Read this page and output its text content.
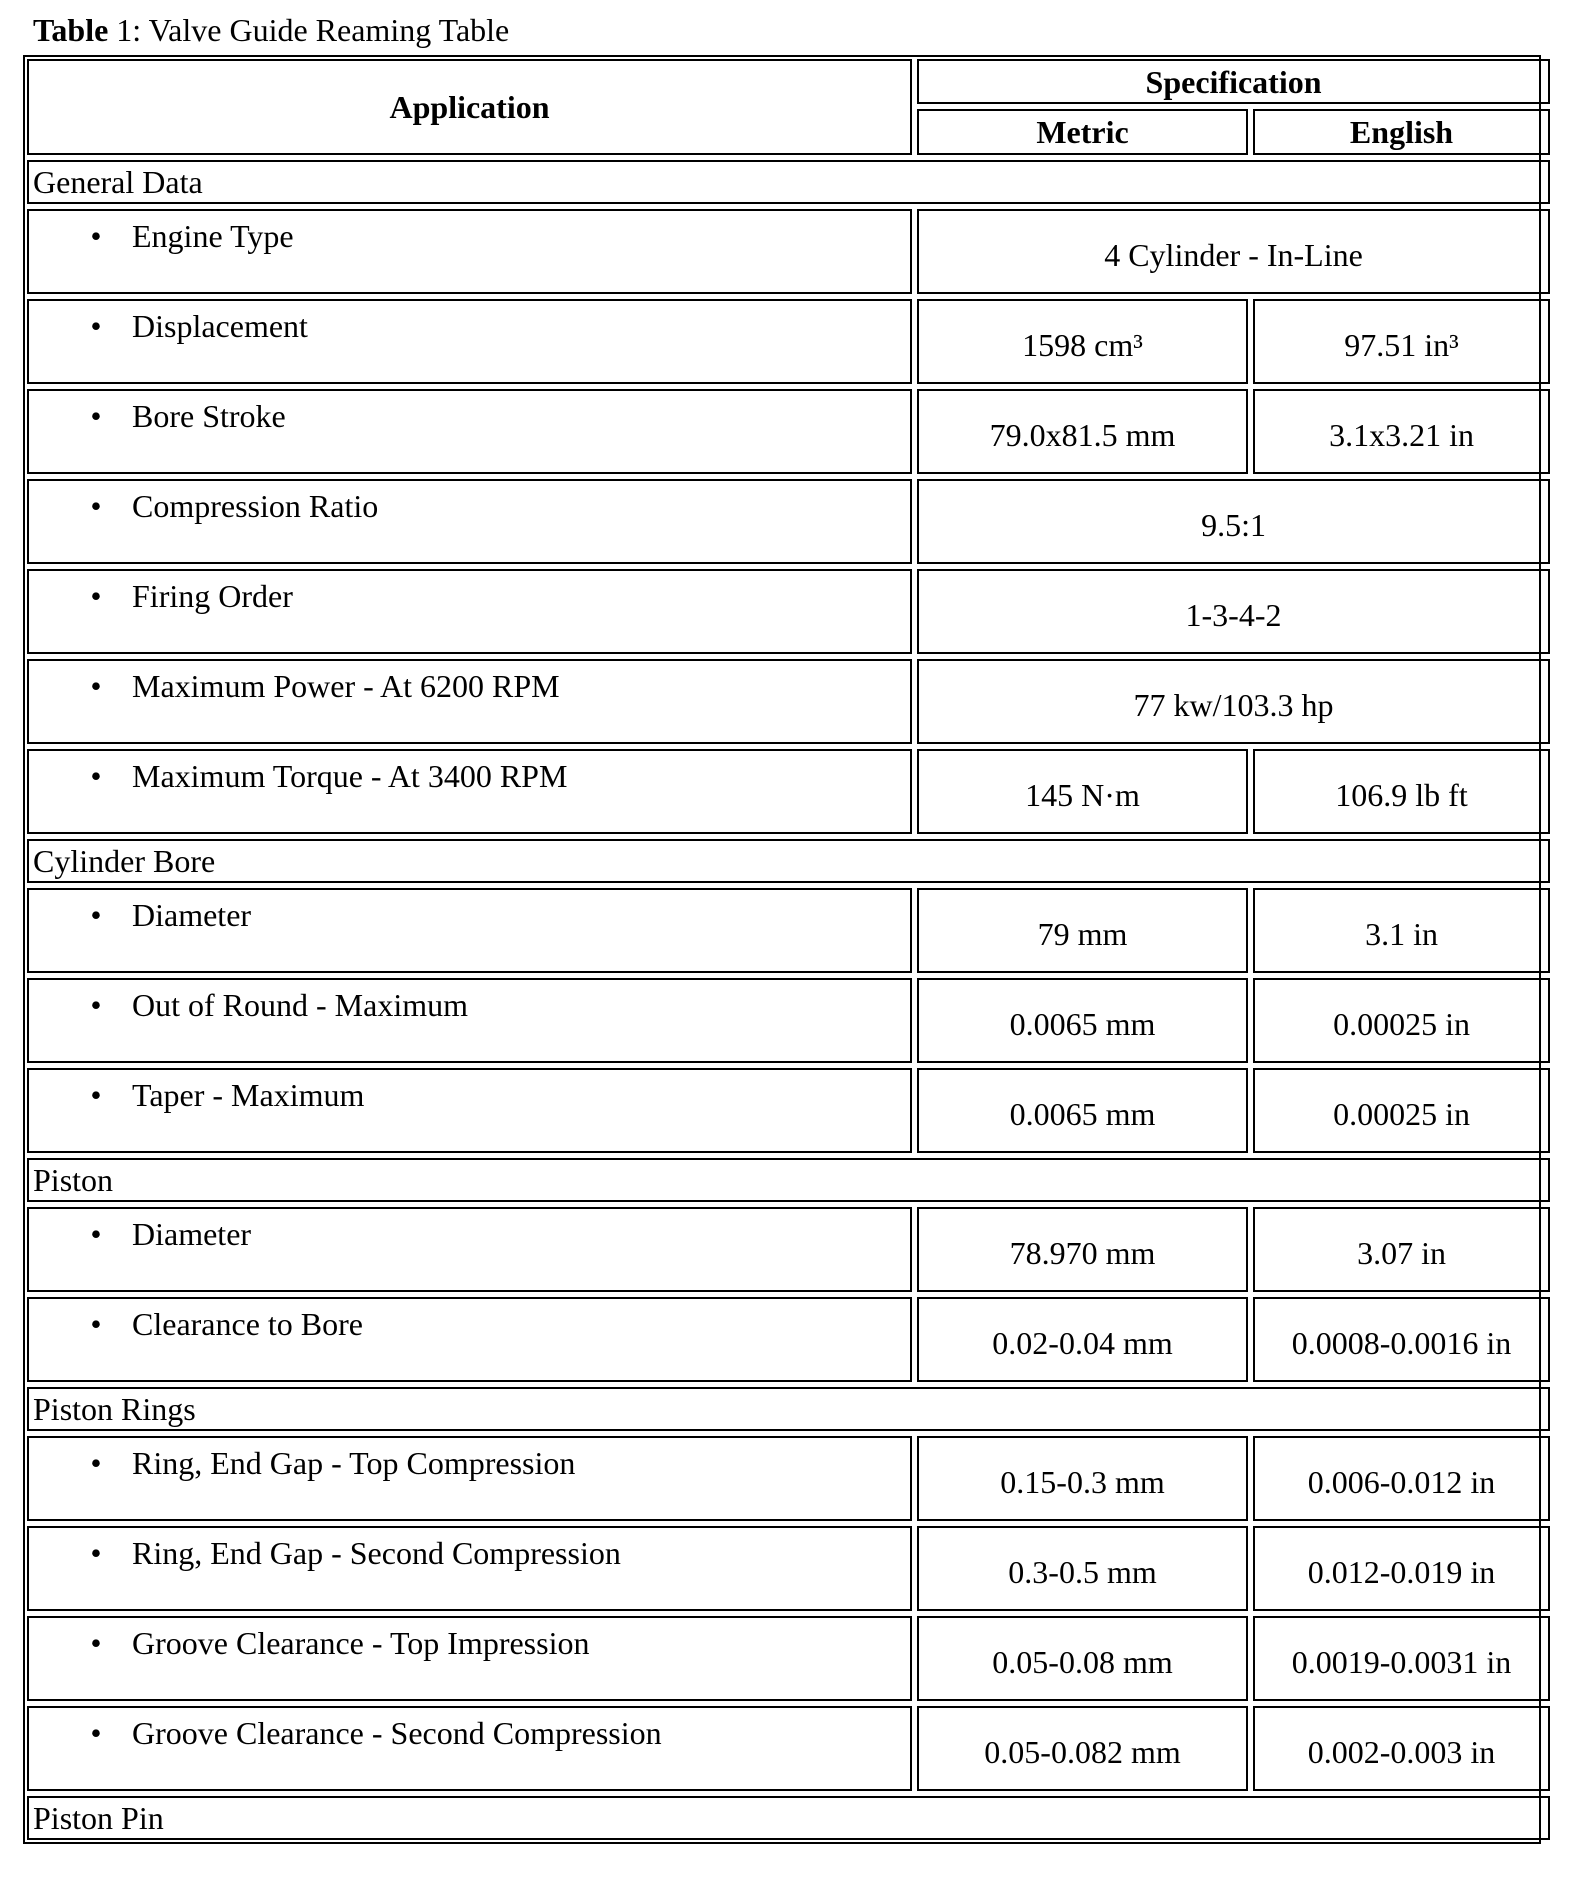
Table 1: Valve Guide Reaming Table
Application	Specification	
	Metric	English
General Data		

• Engine Type	4 Cylinder - In-Line	

• Displacement	1598 cm³	97.51 in³

• Bore Stroke	79.0x81.5 mm	3.1x3.21 in

• Compression Ratio	9.5:1	

• Firing Order	1-3-4-2	

• Maximum Power - At 6200 RPM	77 kw/103.3 hp	

• Maximum Torque - At 3400 RPM	145 N·m	106.9 lb ft
Cylinder Bore		

• Diameter	79 mm	3.1 in

• Out of Round - Maximum	0.0065 mm	0.00025 in

• Taper - Maximum	0.0065 mm	0.00025 in
Piston		

• Diameter	78.970 mm	3.07 in

• Clearance to Bore	0.02-0.04 mm	0.0008-0.0016 in
Piston Rings		

• Ring, End Gap - Top Compression	0.15-0.3 mm	0.006-0.012 in

• Ring, End Gap - Second Compression	0.3-0.5 mm	0.012-0.019 in

• Groove Clearance - Top Impression	0.05-0.08 mm	0.0019-0.0031 in

• Groove Clearance - Second Compression	0.05-0.082 mm	0.002-0.003 in
Piston Pin		
